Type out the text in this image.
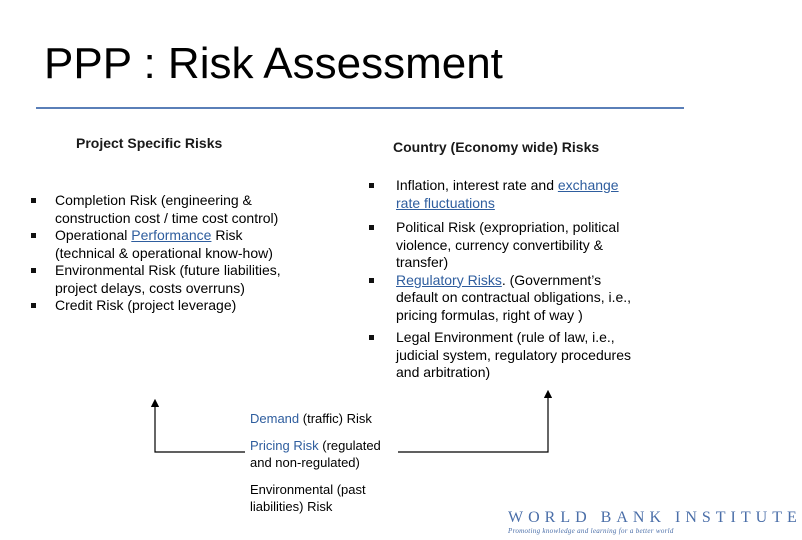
PPP : Risk Assessment
Project Specific Risks	Country (Economy wide) Risks
Completion Risk (engineering &
construction cost / time cost control)
Operational Performance Risk
(technical & operational know-how)
Environmental Risk (future liabilities,
project delays, costs overruns)
Credit Risk (project leverage)
Inflation, interest rate and exchange
rate fluctuations
Political Risk (expropriation, political
violence, currency convertibility &
transfer)
Regulatory Risks. (Government’s
default on contractual obligations, i.e.,
pricing formulas, right of way )
Legal Environment (rule of law, i.e.,
judicial system, regulatory procedures
and arbitration)
Demand (traffic) Risk
Pricing Risk (regulated
and non-regulated)
Environmental (past
liabilities) Risk
WORLD BANK INSTITUTE
Promoting knowledge and learning for a better world
